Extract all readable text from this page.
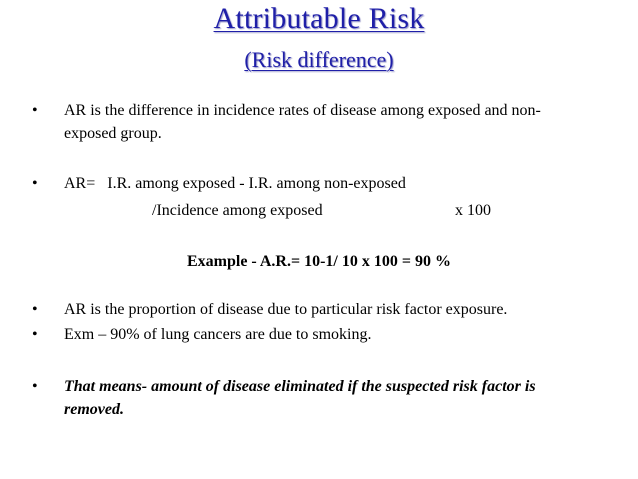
Attributable Risk
(Risk difference)
• AR is the difference in incidence rates of disease among exposed and non-
exposed group.
• AR=   I.R. among exposed - I.R. among non-exposed
/Incidence among exposed	x 100
Example - A.R.= 10-1/ 10 x 100 = 90 %
• AR is the proportion of disease due to particular risk factor exposure.
• Exm – 90% of lung cancers are due to smoking.
• That means- amount of disease eliminated if the suspected risk factor is
removed.
